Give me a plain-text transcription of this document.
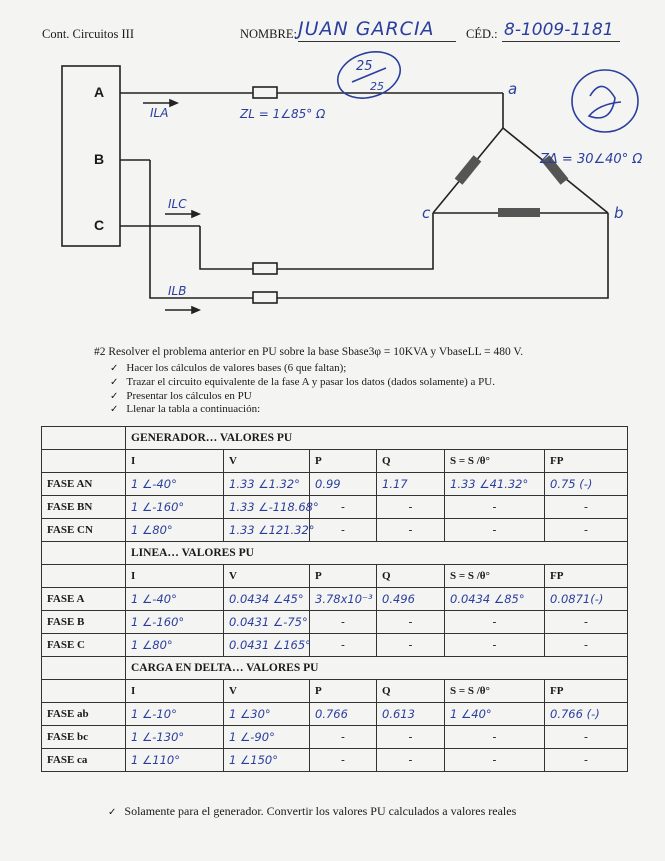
Cont. Circuitos III	NOMBRE: JUAN GARCIA	CÉD.: 8-1009-1181
A
B
C
ILA
ILC
ILB
ZL = 1∠85° Ω
ZΔ = 30∠40° Ω
a
c	b
25
25
#2 Resolver el problema anterior en PU sobre la base Sbase3φ = 10KVA y VbaseLL = 480 V.
✓ Hacer los cálculos de valores bases (6 que faltan);
✓ Trazar el circuito equivalente de la fase A y pasar los datos (dados solamente) a PU.
✓ Presentar los cálculos en PU
✓ Llenar la tabla a continuación:
	GENERADOR… VALORES PU					
	I	V	P	Q	S = S /θ°	FP
FASE AN	1 ∠-40°	1.33 ∠1.32°	0.99	1.17	1.33 ∠41.32°	0.75 (-)
FASE BN	1 ∠-160°	1.33 ∠-118.68°	-	-	-	-
FASE CN	1 ∠80°	1.33 ∠121.32°	-	-	-	-
	LINEA… VALORES PU					
	I	V	P	Q	S = S /θ°	FP
FASE A	1 ∠-40°	0.0434 ∠45°	3.78x10⁻³	0.496	0.0434 ∠85°	0.0871(-)
FASE B	1 ∠-160°	0.0431 ∠-75°	-	-	-	-
FASE C	1 ∠80°	0.0431 ∠165°	-	-	-	-
	CARGA EN DELTA… VALORES PU					
	I	V	P	Q	S = S /θ°	FP
FASE ab	1 ∠-10°	1 ∠30°	0.766	0.613	1 ∠40°	0.766 (-)
FASE bc	1 ∠-130°	1 ∠-90°	-	-	-	-
FASE ca	1 ∠110°	1 ∠150°	-	-	-	-
✓ Solamente para el generador. Convertir los valores PU calculados a valores reales
